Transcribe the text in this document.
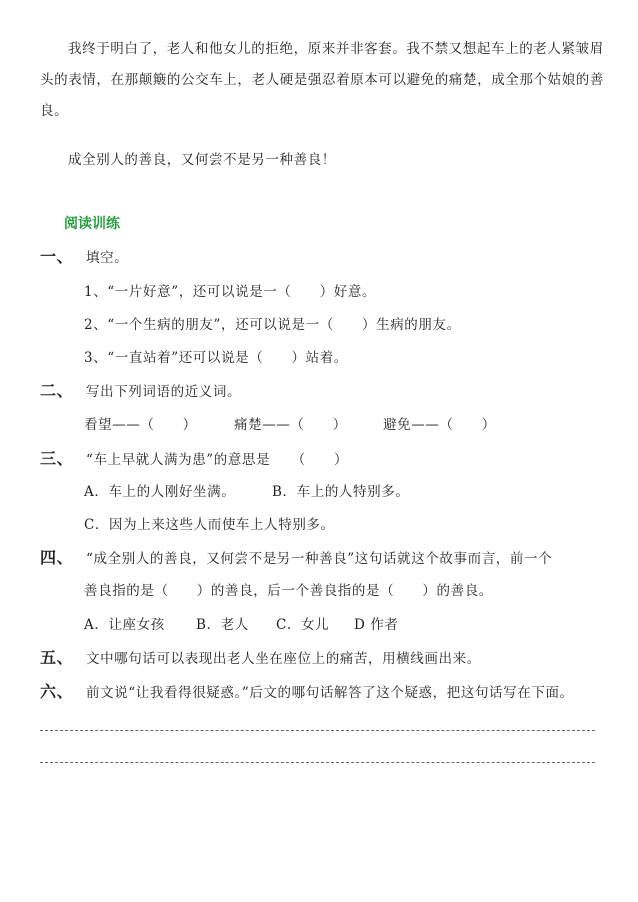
我终于明白了，老人和他女儿的拒绝，原来并非客套。我不禁又想起车上的老人紧皱眉头的表情，在那颠簸的公交车上，老人硬是强忍着原本可以避免的痛楚，成全那个姑娘的善良。

成全别人的善良，又何尝不是另一种善良！

阅读训练
一、 填空。
1、“一片好意”，还可以说是一（　　）好意。
2、“一个生病的朋友”，还可以说是一（　　）生病的朋友。
3、“一直站着”还可以说是（　　）站着。
二、 写出下列词语的近义词。
看望——（　　）	痛楚——（　　）	避免——（　　）
三、 “车上早就人满为患”的意思是　　（　　）
A．车上的人刚好坐满。	B．车上的人特别多。
C．因为上来这些人而使车上人特别多。
四、 “成全别人的善良，又何尝不是另一种善良”这句话就这个故事而言，前一个
善良指的是（　　）的善良，后一个善良指的是（　　）的善良。
A．让座女孩 B．老人 C．女儿 D 作者
五、 文中哪句话可以表现出老人坐在座位上的痛苦，用横线画出来。
六、 前文说“让我看得很疑惑。”后文的哪句话解答了这个疑惑，把这句话写在下面。
